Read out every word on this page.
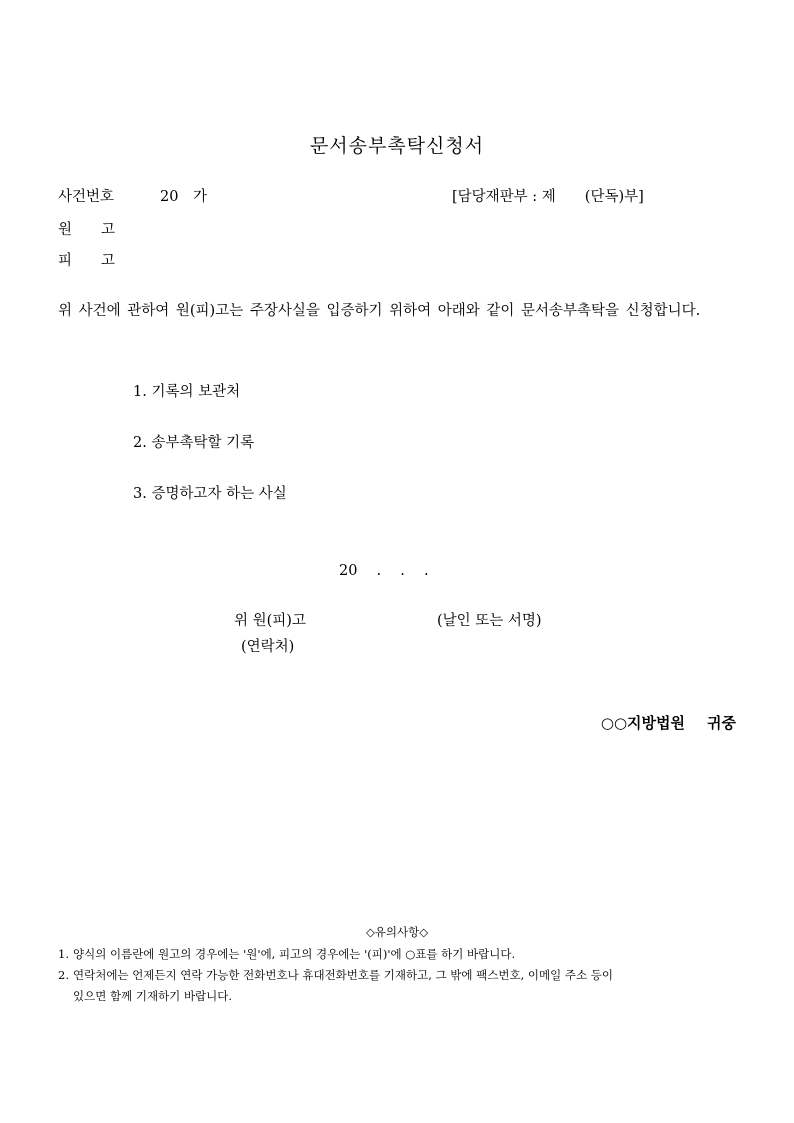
문서송부촉탁신청서
사건번호	20　가	[담당재판부 : 제　　(단독)부]
원　　고
피　　고
위 사건에 관하여 원(피)고는 주장사실을 입증하기 위하여 아래와 같이 문서송부촉탁을 신청합니다.
1. 기록의 보관처
2. 송부촉탁할 기록
3. 증명하고자 하는 사실
20　 .　 .　 .
위 원(피)고	(날인 또는 서명)
(연락처)
○○지방법원 귀중
◇유의사항◇
1. 양식의 이름란에 원고의 경우에는 '원'에, 피고의 경우에는 '(피)'에 ○표를 하기 바랍니다.
2. 연락처에는 언제든지 연락 가능한 전화번호나 휴대전화번호를 기재하고, 그 밖에 팩스번호, 이메일 주소 등이
있으면 함께 기재하기 바랍니다.
